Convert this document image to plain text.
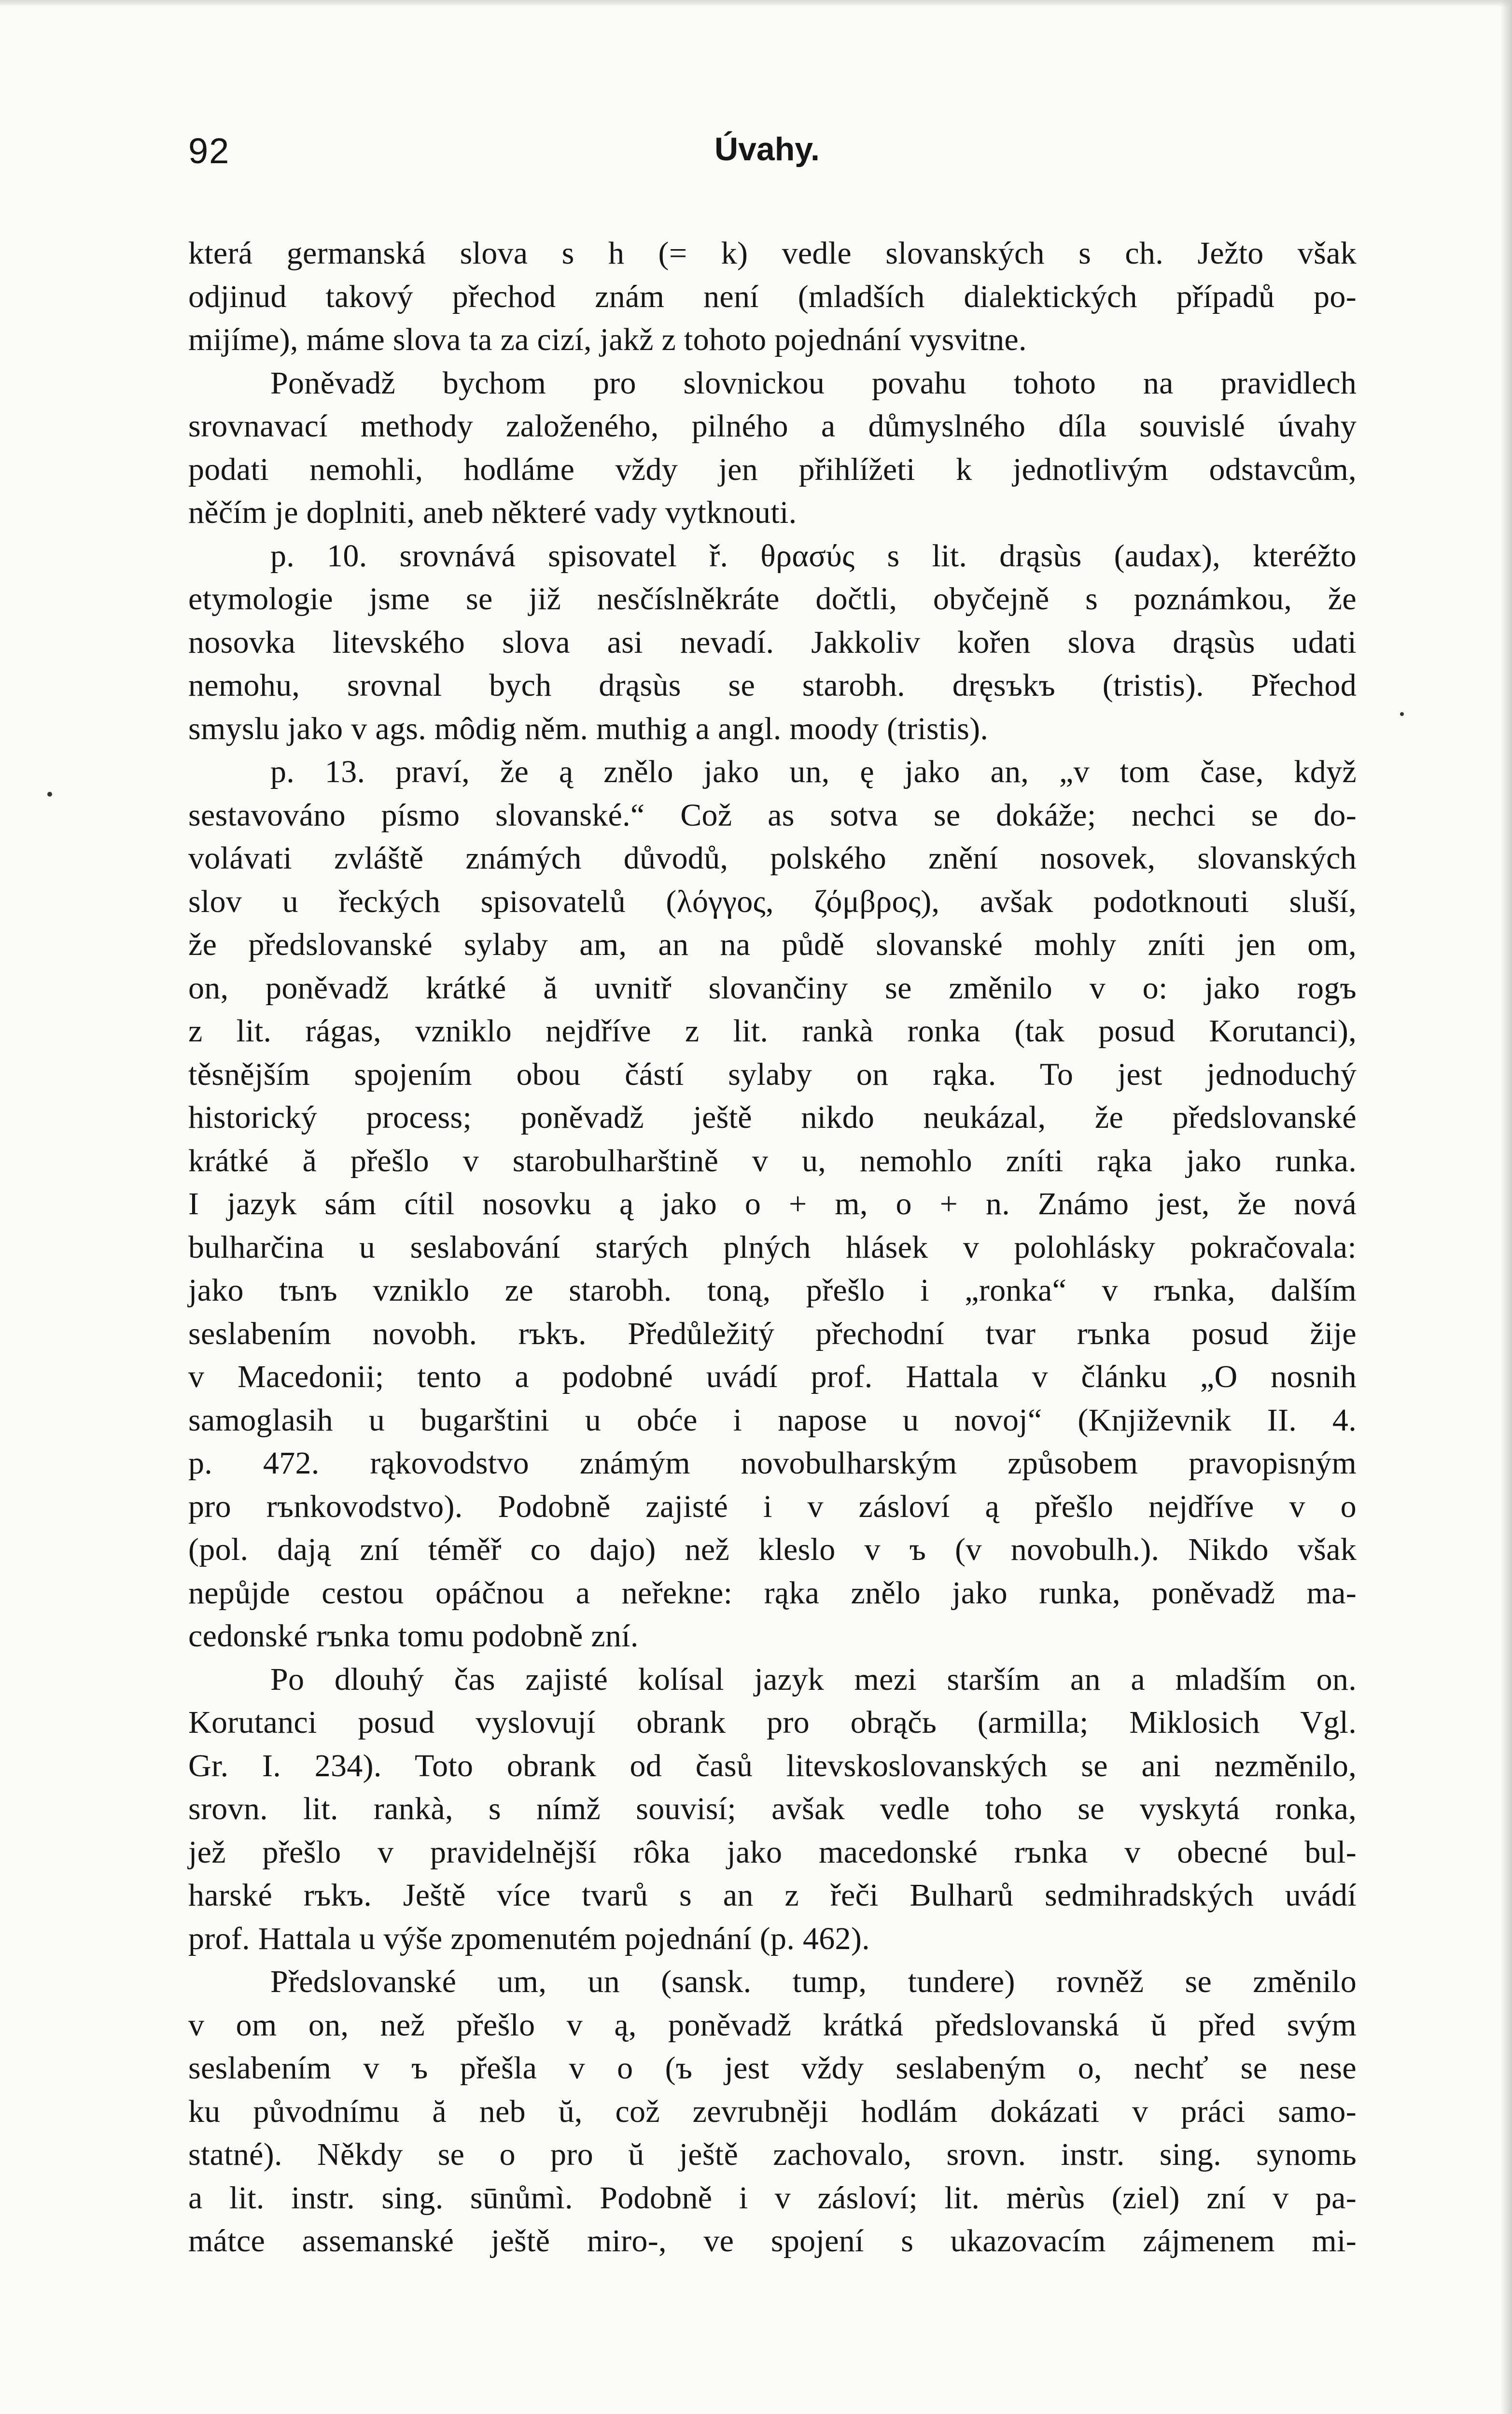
92	Úvahy.
která germanská slova s h (= k) vedle slovanských s ch. Ježto však
odjinud takový přechod znám není (mladších dialektických případů po-
mijíme), máme slova ta za cizí, jakž z tohoto pojednání vysvitne.
Poněvadž bychom pro slovnickou povahu tohoto na pravidlech
srovnavací methody založeného, pilného a důmyslného díla souvislé úvahy
podati nemohli, hodláme vždy jen přihlížeti k jednotlivým odstavcům,
něčím je doplniti, aneb některé vady vytknouti.
p. 10. srovnává spisovatel ř. θρασύς s lit. drąsùs (audax), kteréžto
etymologie jsme se již nesčíslněkráte dočtli, obyčejně s poznámkou, že
nosovka litevského slova asi nevadí. Jakkoliv kořen slova drąsùs udati
nemohu, srovnal bych drąsùs se starobh. dręsъkъ (tristis). Přechod
smyslu jako v ags. môdig něm. muthig a angl. moody (tristis).
p. 13. praví, že ą znělo jako un, ę jako an, „v tom čase, když
sestavováno písmo slovanské.“ Což as sotva se dokáže; nechci se do-
volávati zvláště známých důvodů, polského znění nosovek, slovanských
slov u řeckých spisovatelů (λόγγος, ζόμβρος), avšak podotknouti sluší,
že předslovanské sylaby am, an na půdě slovanské mohly zníti jen om,
on, poněvadž krátké ă uvnitř slovančiny se změnilo v o: jako rogъ
z lit. rágas, vzniklo nejdříve z lit. rankà ronka (tak posud Korutanci),
těsnějším spojením obou částí sylaby on rąka. To jest jednoduchý
historický process; poněvadž ještě nikdo neukázal, že předslovanské
krátké ă přešlo v starobulharštině v u, nemohlo zníti rąka jako runka.
I jazyk sám cítil nosovku ą jako o + m, o + n. Známo jest, že nová
bulharčina u seslabování starých plných hlásek v polohlásky pokračovala:
jako tъnъ vzniklo ze starobh. toną, přešlo i „ronka“ v rъnka, dalším
seslabením novobh. rъkъ. Předůležitý přechodní tvar rъnka posud žije
v Macedonii; tento a podobné uvádí prof. Hattala v článku „O nosnih
samoglasih u bugarštini u obće i napose u novoj“ (Književnik II. 4.
p. 472. rąkovodstvo známým novobulharským způsobem pravopisným
pro rъnkovodstvo). Podobně zajisté i v zásloví ą přešlo nejdříve v o
(pol. dają zní téměř co dajo) než kleslo v ъ (v novobulh.). Nikdo však
nepůjde cestou opáčnou a neřekne: rąka znělo jako runka, poněvadž ma-
cedonské rъnka tomu podobně zní.
Po dlouhý čas zajisté kolísal jazyk mezi starším an a mladším on.
Korutanci posud vyslovují obrank pro obrąčь (armilla; Miklosich Vgl.
Gr. I. 234). Toto obrank od časů litevskoslovanských se ani nezměnilo,
srovn. lit. rankà, s nímž souvisí; avšak vedle toho se vyskytá ronka,
jež přešlo v pravidelnější rôka jako macedonské rъnka v obecné bul-
harské rъkъ. Ještě více tvarů s an z řeči Bulharů sedmihradských uvádí
prof. Hattala u výše zpomenutém pojednání (p. 462).
Předslovanské um, un (sansk. tump, tundere) rovněž se změnilo
v om on, než přešlo v ą, poněvadž krátká předslovanská ŭ před svým
seslabením v ъ přešla v o (ъ jest vždy seslabeným o, nechť se nese
ku původnímu ă neb ŭ, což zevrubněji hodlám dokázati v práci samo-
statné). Někdy se o pro ŭ ještě zachovalo, srovn. instr. sing. synomь
a lit. instr. sing. sūnůmì. Podobně i v zásloví; lit. mėrùs (ziel) zní v pa-
mátce assemanské ještě miro-, ve spojení s ukazovacím zájmenem mi-
